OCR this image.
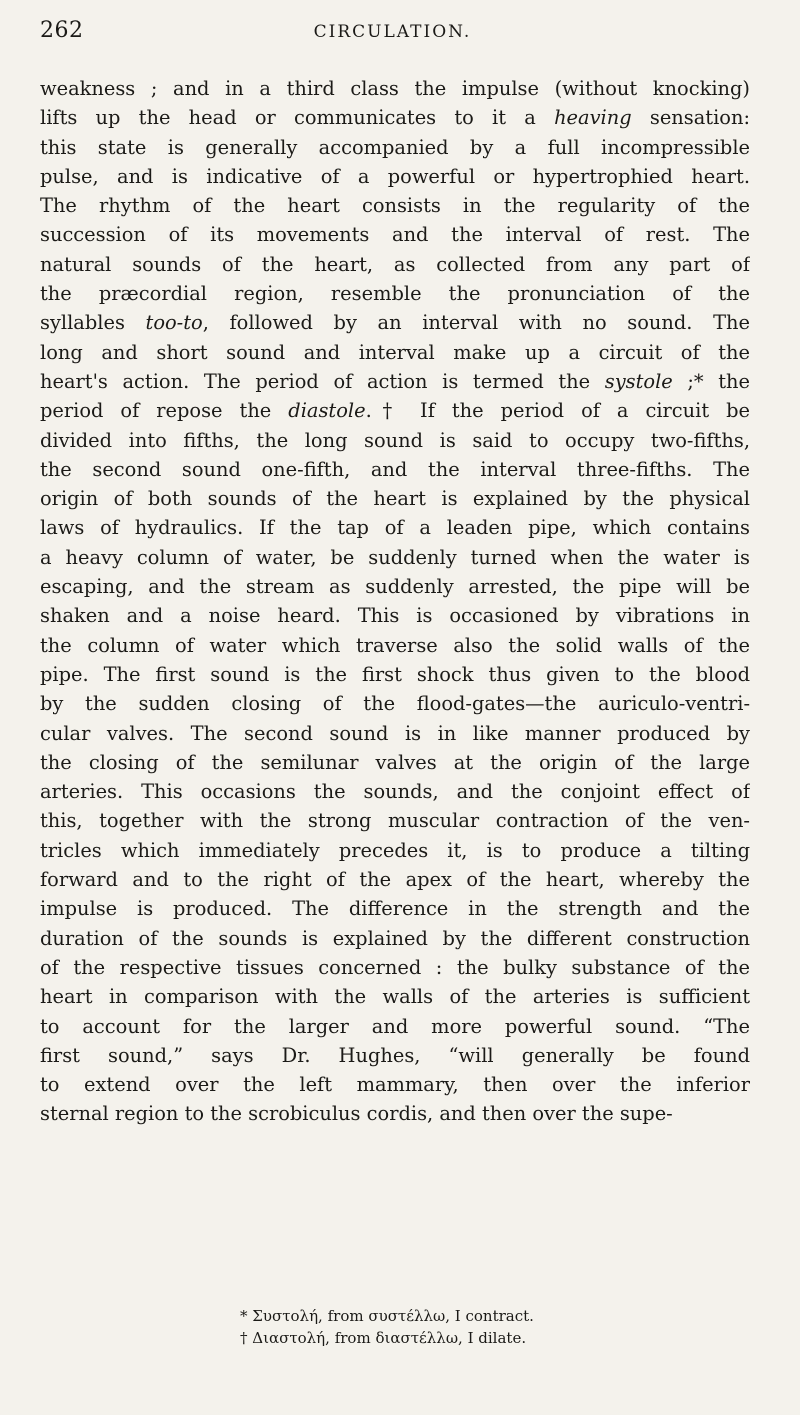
262	CIRCULATION.
weakness ; and in a third class the impulse (without knocking)
lifts up the head or communicates to it a heaving sensation:
this state is generally accompanied by a full incompressible
pulse, and is indicative of a powerful or hypertrophied heart.
The rhythm of the heart consists in the regularity of the
succession of its movements and the interval of rest. The
natural sounds of the heart, as collected from any part of
the præcordial region, resemble the pronunciation of the
syllables too-to, followed by an interval with no sound. The
long and short sound and interval make up a circuit of the
heart's action. The period of action is termed the systole ;* the
period of repose the diastole.† If the period of a circuit be
divided into fifths, the long sound is said to occupy two-fifths,
the second sound one-fifth, and the interval three-fifths. The
origin of both sounds of the heart is explained by the physical
laws of hydraulics. If the tap of a leaden pipe, which contains
a heavy column of water, be suddenly turned when the water is
escaping, and the stream as suddenly arrested, the pipe will be
shaken and a noise heard. This is occasioned by vibrations in
the column of water which traverse also the solid walls of the
pipe. The first sound is the first shock thus given to the blood
by the sudden closing of the flood-gates—the auriculo-ventri-
cular valves. The second sound is in like manner produced by
the closing of the semilunar valves at the origin of the large
arteries. This occasions the sounds, and the conjoint effect of
this, together with the strong muscular contraction of the ven-
tricles which immediately precedes it, is to produce a tilting
forward and to the right of the apex of the heart, whereby the
impulse is produced. The difference in the strength and the
duration of the sounds is explained by the different construction
of the respective tissues concerned : the bulky substance of the
heart in comparison with the walls of the arteries is sufficient
to account for the larger and more powerful sound. “The
first sound,” says Dr. Hughes, “will generally be found
to extend over the left mammary, then over the inferior
sternal region to the scrobiculus cordis, and then over the supe-
* Συστολή, from συστέλλω, I contract.
† Διαστολή, from διαστέλλω, I dilate.
